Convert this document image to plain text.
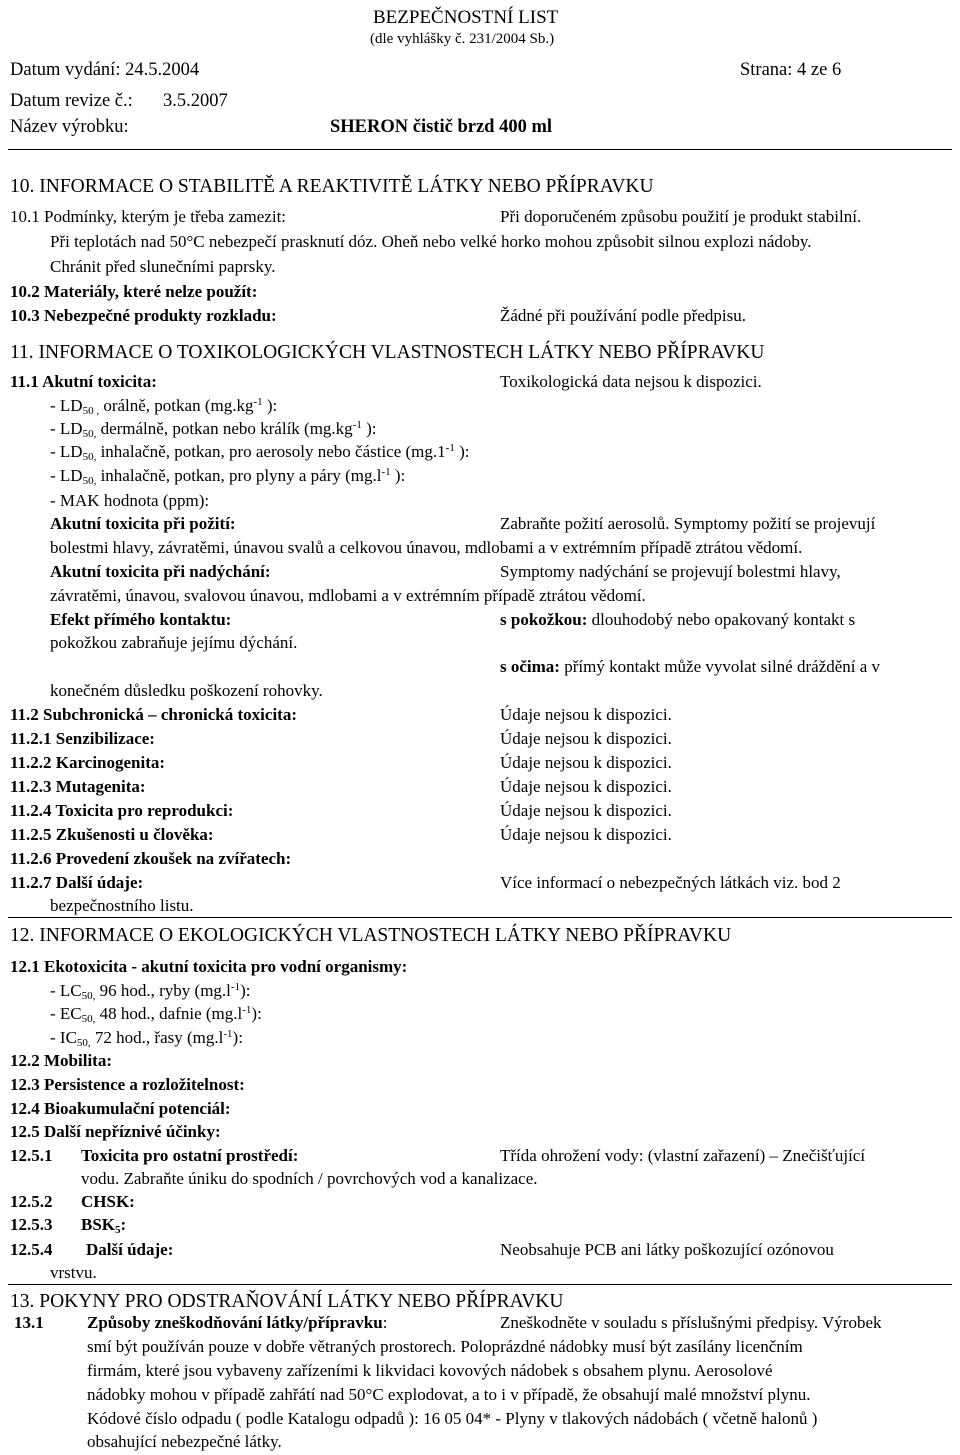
BEZPEČNOSTNÍ LIST
(dle vyhlášky č. 231/2004 Sb.)
Datum vydání: 24.5.2004	Strana: 4 ze 6
Datum revize č.: 3.5.2007
Název výrobku:	SHERON čistič brzd 400 ml
10. INFORMACE O STABILITĚ A REAKTIVITĚ LÁTKY NEBO PŘÍPRAVKU
10.1 Podmínky, kterým je třeba zamezit:	Při doporučeném způsobu použití je produkt stabilní.
Při teplotách nad 50°C nebezpečí prasknutí dóz. Oheň nebo velké horko mohou způsobit silnou explozi nádoby.
Chránit před slunečními paprsky.
10.2 Materiály, které nelze použít:
10.3 Nebezpečné produkty rozkladu:	Žádné při používání podle předpisu.
11. INFORMACE O TOXIKOLOGICKÝCH VLASTNOSTECH LÁTKY NEBO PŘÍPRAVKU
11.1 Akutní toxicita:	Toxikologická data nejsou k dispozici.
- $LD_{50 ,}$ orálně, potkan ($mg.kg^{-1}$ ):
- $LD_{50,}$ dermálně, potkan nebo králík ($mg.kg^{-1}$ ):
- $LD_{50,}$ inhalačně, potkan, pro aerosoly nebo částice ($mg.1^{-1}$ ):
- $LD_{50,}$ inhalačně, potkan, pro plyny a páry ($mg.l^{-1}$ ):
- MAK hodnota (ppm):
Akutní toxicita při požití:	Zabraňte požití aerosolů. Symptomy požití se projevují
bolestmi hlavy, závratěmi, únavou svalů a celkovou únavou, mdlobami a v extrémním případě ztrátou vědomí.
Akutní toxicita při nadýchání:	Symptomy nadýchání se projevují bolestmi hlavy,
závratěmi, únavou, svalovou únavou, mdlobami a v extrémním případě ztrátou vědomí.
Efekt přímého kontaktu:	s pokožkou: dlouhodobý nebo opakovaný kontakt s
pokožkou zabraňuje jejímu dýchání.
s očima: přímý kontakt může vyvolat silné dráždění a v
konečném důsledku poškození rohovky.
11.2 Subchronická – chronická toxicita:	Údaje nejsou k dispozici.
11.2.1 Senzibilizace:	Údaje nejsou k dispozici.
11.2.2 Karcinogenita:	Údaje nejsou k dispozici.
11.2.3 Mutagenita:	Údaje nejsou k dispozici.
11.2.4 Toxicita pro reprodukci:	Údaje nejsou k dispozici.
11.2.5 Zkušenosti u člověka:	Údaje nejsou k dispozici.
11.2.6 Provedení zkoušek na zvířatech:
11.2.7 Další údaje:	Více informací o nebezpečných látkách viz. bod 2
bezpečnostního listu.
12. INFORMACE O EKOLOGICKÝCH VLASTNOSTECH LÁTKY NEBO PŘÍPRAVKU
12.1 Ekotoxicita - akutní toxicita pro vodní organismy:
- $LC_{50,}$ 96 hod., ryby $(mg.l^{-1})$:
- $EC_{50,}$ 48 hod., dafnie $(mg.l^{-1})$:
- $IC_{50,}$ 72 hod., řasy $(mg.l^{-1})$:
12.2 Mobilita:
12.3 Persistence a rozložitelnost:
12.4 Bioakumulační potenciál:
12.5 Další nepříznivé účinky:
12.5.1 Toxicita pro ostatní prostředí:	Třída ohrožení vody: (vlastní zařazení) – Znečišťující
vodu. Zabraňte úniku do spodních / povrchových vod a kanalizace.
12.5.2 CHSK:
12.5.3 $BSK_5$:
12.5.4 Další údaje:	Neobsahuje PCB ani látky poškozující ozónovou
vrstvu.
13. POKYNY PRO ODSTRAŇOVÁNÍ LÁTKY NEBO PŘÍPRAVKU
13.1	Způsoby zneškodňování látky/přípravku:	Zneškodněte v souladu s příslušnými předpisy. Výrobek
smí být používán pouze v dobře větraných prostorech. Poloprázdné nádobky musí být zasílány licenčním
firmám, které jsou vybaveny zařízeními k likvidaci kovových nádobek s obsahem plynu. Aerosolové
nádobky mohou v případě zahřátí nad 50°C explodovat, a to i v případě, že obsahují malé množství plynu.
Kódové číslo odpadu ( podle Katalogu odpadů ): 16 05 04* - Plyny v tlakových nádobách ( včetně halonů )
obsahující nebezpečné látky.
